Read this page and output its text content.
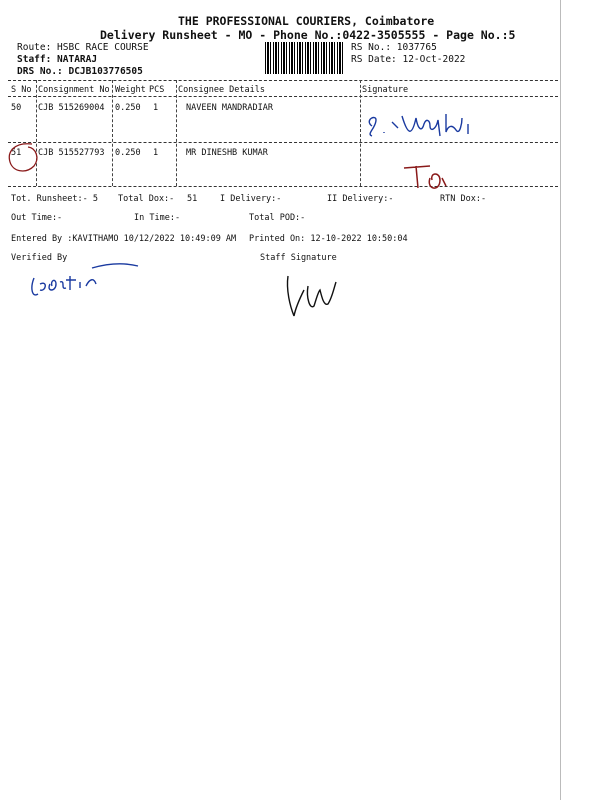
THE PROFESSIONAL COURIERS, Coimbatore
Delivery Runsheet - MO - Phone No.:0422-3505555 - Page No.:5
Route: HSBC RACE COURSE
Staff: NATARAJ
DRS No.: DCJB103776505
RS No.: 1037765
RS Date: 12-Oct-2022
S No Consignment No Weight PCS Consignee Details	Signature
50 CJB 515269004 0.250 1	NAVEEN MANDRADIAR
51 CJB 515527793 0.250 1	MR DINESHB KUMAR
Tot. Runsheet:- 5 Total Dox:- 51	I Delivery:-	II Delivery:-	RTN Dox:-
Out Time:-	In Time:-	Total POD:-
Entered By :KAVITHAMO 10/12/2022 10:49:09 AM Printed On: 12-10-2022 10:50:04
Verified By	Staff Signature
